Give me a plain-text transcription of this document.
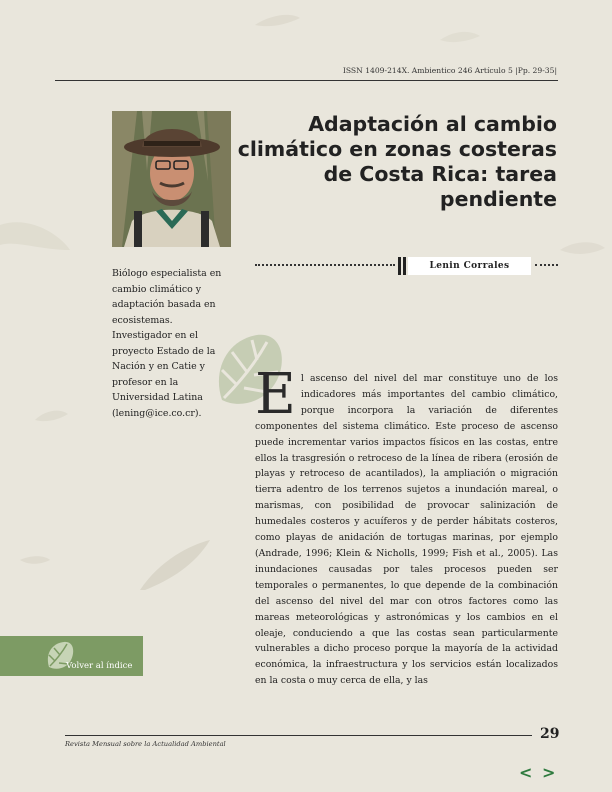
ISSN 1409-214X. Ambientico 246 Artículo 5 |Pp. 29-35|
Adaptación al cambio climático en zonas costeras de Costa Rica: tarea pendiente
Lenin Corrales
Biólogo especialista en cambio climático y adaptación basada en ecosistemas. Investigador en el proyecto Estado de la Nación y en Catie y profesor en la Universidad Latina (lening@ice.co.cr). El ascenso del nivel del mar constituye uno de los indicadores más importantes del cambio climático, porque incorpora la variación de diferentes componentes del sistema climático. Este proceso de ascenso puede incrementar varios impactos físicos en las costas, entre ellos la trasgresión o retroceso de la línea de ribera (erosión de playas y retroceso de acantilados), la ampliación o migración tierra adentro de los terrenos sujetos a inundación mareal, o marismas, con posibilidad de provocar salinización de humedales costeros y acuíferos y de perder hábitats costeros, como playas de anidación de tortugas marinas, por ejemplo (Andrade, 1996; Klein & Nicholls, 1999; Fish et al., 2005). Las inundaciones causadas por tales procesos pueden ser temporales o permanentes, lo que depende de la combinación del ascenso del nivel del mar con otros factores como las mareas meteorológicas y astronómicas y los cambios en el oleaje, conduciendo a que las costas sean particularmente vulnerables a dicho proceso porque la mayoría de la actividad económica, la infraestructura y los servicios están localizados en la costa o muy cerca de ella, y las
Volver al índice
29
Revista Mensual sobre la Actualidad Ambiental
< >
